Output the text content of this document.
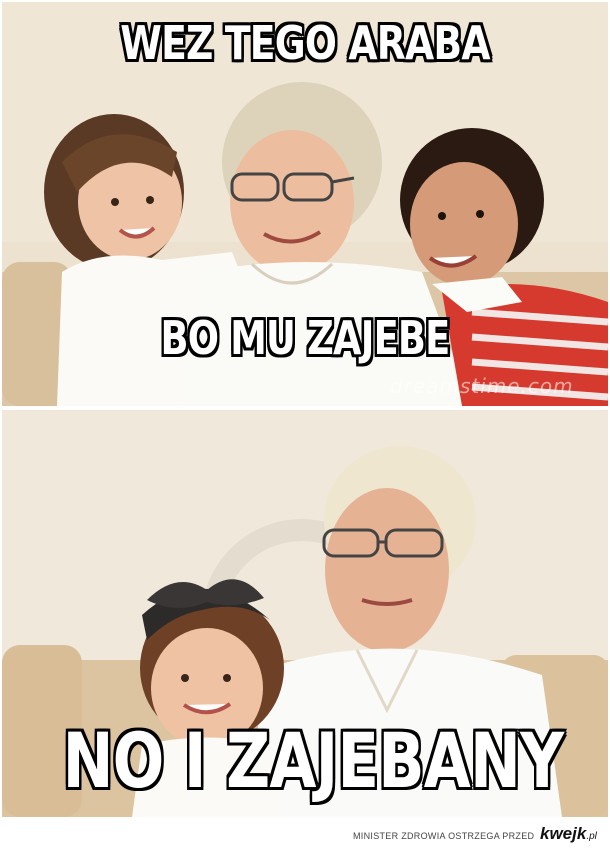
WEZ TEGO ARABA
BO MU ZAJEBE
dreamstime.com
NO I ZAJEBANY
MINISTER ZDROWIA OSTRZEGA PRZED kwejk.pl
